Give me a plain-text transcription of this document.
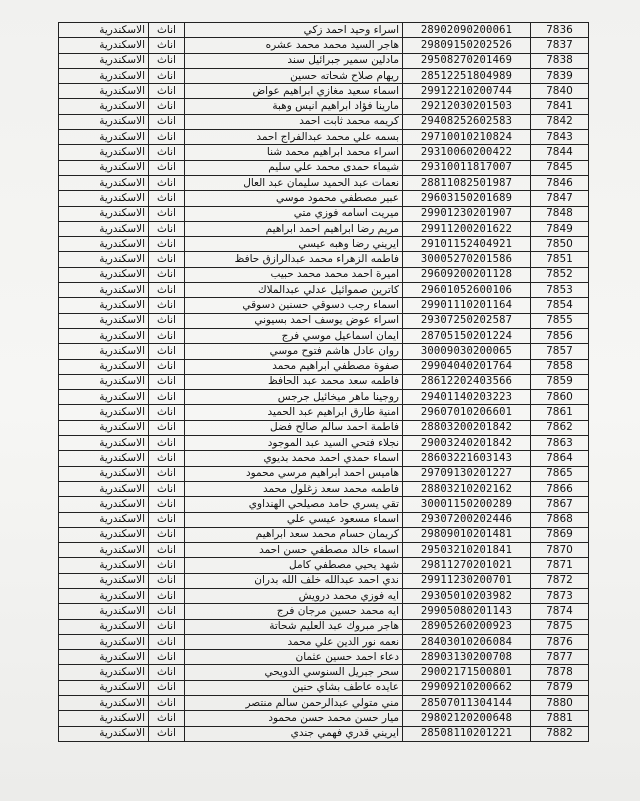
الاسكندرية	اناث	اسراء وحيد احمد زكي	28902090200061	7836
الاسكندرية	اناث	هاجر السيد محمد محمد عشره	29809150202526	7837
الاسكندرية	اناث	مادلين سمير جبرائيل سند	29508270201469	7838
الاسكندرية	اناث	ريهام صلاح شحاته حسين	28512251804989	7839
الاسكندرية	اناث	اسماء سعيد مغازي ابراهيم عواض	29912210200744	7840
الاسكندرية	اناث	مارينا فؤاد ابراهيم انيس وهبة	29212030201503	7841
الاسكندرية	اناث	كريمه محمد ثابت احمد	29408252602583	7842
الاسكندرية	اناث	بسمه علي محمد عبدالفراج احمد	29710010210824	7843
الاسكندرية	اناث	اسراء محمد ابراهيم محمد شنا	29310060200422	7844
الاسكندرية	اناث	شيماء حمدى محمد علي سليم	29310011817007	7845
الاسكندرية	اناث	نعمات عبد الحميد سليمان عبد العال	28811082501987	7846
الاسكندرية	اناث	عبير مصطفي محمود موسي	29603150201689	7847
الاسكندرية	اناث	ميريت اسامه فوزي متي	29901230201907	7848
الاسكندرية	اناث	مريم رضا ابراهيم احمد ابراهيم	29911200201622	7849
الاسكندرية	اناث	ايريني رضا وهبه عيسي	29101152404921	7850
الاسكندرية	اناث	فاطمه الزهراء محمد عبدالرازق حافظ	30005270201586	7851
الاسكندرية	اناث	اميرة احمد محمد محمد حبيب	29609200201128	7852
الاسكندرية	اناث	كاترين صموائيل عدلي عبدالملاك	29601052600106	7853
الاسكندرية	اناث	اسماء رجب دسوقي حسنين دسوقي	29901110201164	7854
الاسكندرية	اناث	اسراء عوض يوسف احمد بسيوني	29307250202587	7855
الاسكندرية	اناث	ايمان اسماعيل موسي فرج	28705150201224	7856
الاسكندرية	اناث	روان عادل هاشم فتوح موسي	30009030200065	7857
الاسكندرية	اناث	صفوة مصطفي ابراهيم محمد	29904040201764	7858
الاسكندرية	اناث	فاطمه سعد محمد عبد الحافظ	28612202403566	7859
الاسكندرية	اناث	روجينا ماهر ميخائيل جرجس	29401140203223	7860
الاسكندرية	اناث	امنية طارق ابراهيم عبد الحميد	29607010206601	7861
الاسكندرية	اناث	فاطمة احمد سالم صالح فضل	28803200201842	7862
الاسكندرية	اناث	نجلاء فتحي السيد عبد الموجود	29003240201842	7863
الاسكندرية	اناث	اسماء حمدي احمد محمد بديوي	28603221603143	7864
الاسكندرية	اناث	هاميس احمد ابراهيم مرسي محمود	29709130201227	7865
الاسكندرية	اناث	فاطمه محمد سعد زغلول محمد	28803210202162	7866
الاسكندرية	اناث	تقي يسري حامد مصيلحي الهنداوي	30001150200289	7867
الاسكندرية	اناث	اسماء مسعود عيسي علي	29307200202446	7868
الاسكندرية	اناث	كريمان حسام محمد سعد ابراهيم	29809010201481	7869
الاسكندرية	اناث	اسماء خالد مصطفي حسن احمد	29503210201841	7870
الاسكندرية	اناث	شهد يحيي مصطفي كامل	29811270201021	7871
الاسكندرية	اناث	ندي احمد عبدالله خلف الله بدران	29911230200701	7872
الاسكندرية	اناث	ايه فوزي محمد درويش	29305010203982	7873
الاسكندرية	اناث	ايه محمد حسين مرجان فرج	29905080201143	7874
الاسكندرية	اناث	هاجر مبروك عبد العليم شحاتة	28905260200923	7875
الاسكندرية	اناث	نعمه نور الدين علي محمد	28403010206084	7876
الاسكندرية	اناث	دعاء احمد حسين عثمان	28903130200708	7877
الاسكندرية	اناث	سحر جبريل السنوسي الدويحي	29002171500801	7878
الاسكندرية	اناث	عايده عاطف بشاي حنين	29909210200662	7879
الاسكندرية	اناث	مني متولي عبدالرحمن سالم منتصر	28507011304144	7880
الاسكندرية	اناث	ميار حسن محمد حسن محمود	29802120200648	7881
الاسكندرية	اناث	ايريني قدري فهمي جندي	28508110201221	7882
